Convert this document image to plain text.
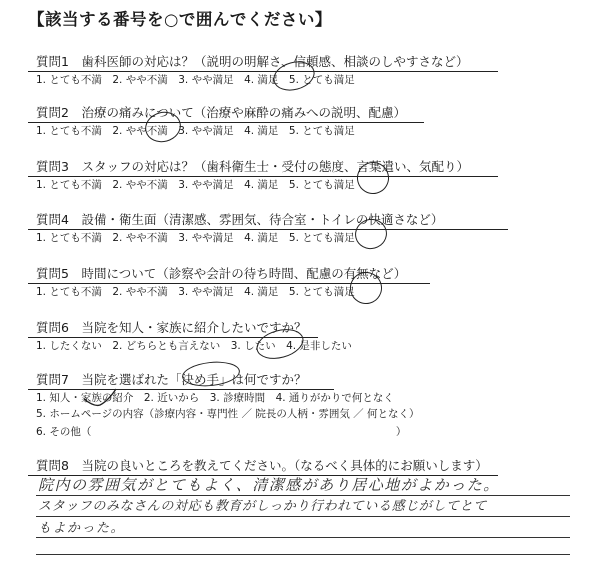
【該当する番号を○で囲んでください】
質問1　歯科医師の対応は？（説明の明解さ、信頼感、相談のしやすさなど）
1. とても不満　2. やや不満　3. やや満足　4. 満足　5. とても満足
質問2　治療の痛みについて（治療や麻酔の痛みへの説明、配慮）
1. とても不満　2. やや不満　3. やや満足　4. 満足　5. とても満足
質問3　スタッフの対応は？（歯科衛生士・受付の態度、言葉遣い、気配り）
1. とても不満　2. やや不満　3. やや満足　4. 満足　5. とても満足
質問4　設備・衛生面（清潔感、雰囲気、待合室・トイレの快適さなど）
1. とても不満　2. やや不満　3. やや満足　4. 満足　5. とても満足
質問5　時間について（診察や会計の待ち時間、配慮の有無など）
1. とても不満　2. やや不満　3. やや満足　4. 満足　5. とても満足
質問6　当院を知人・家族に紹介したいですか？
1. したくない　2. どちらとも言えない　3. したい　4. 是非したい
質問7　当院を選ばれた「決め手」は何ですか？
1. 知人・家族の紹介　2. 近いから　3. 診療時間　4. 通りがかりで何となく
5. ホームページの内容（診療内容・専門性 ／ 院長の人柄・雰囲気 ／ 何となく）
6. その他（　　　　　　　　　　　　　　　　　　　　　　　　　　　　　）
質問8　当院の良いところを教えてください。（なるべく具体的にお願いします）
院内の雰囲気がとてもよく、清潔感があり居心地がよかった。
スタッフのみなさんの対応も教育がしっかり行われている感じがしてとて
もよかった。
